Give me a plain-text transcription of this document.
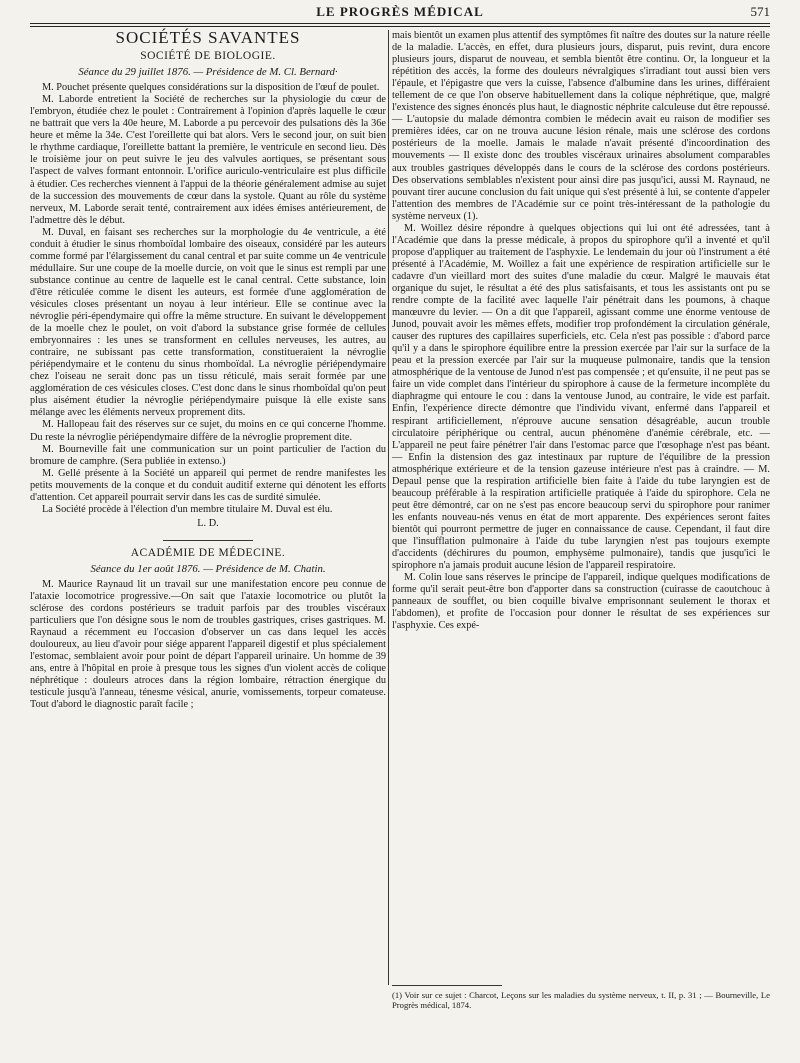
LE PROGRÈS MÉDICAL	571

SOCIÉTÉS SAVANTES

SOCIÉTÉ DE BIOLOGIE.

Séance du 29 juillet 1876. — Présidence de M. Cl. Bernard·

M. Pouchet présente quelques considérations sur la disposition de l'œuf de poulet.

M. Laborde entretient la Société de recherches sur la physiologie du cœur de l'embryon, étudiée chez le poulet : Contrairement à l'opinion d'après laquelle le cœur ne battrait que vers la 40e heure, M. Laborde a pu percevoir des pulsations dès la 36e heure et même la 34e. C'est l'oreillette qui bat alors. Vers le second jour, on suit bien le rhythme cardiaque, l'oreillette battant la première, le ventricule en second lieu. Dès le troisième jour on peut suivre le jeu des valvules aortiques, se présentant sous l'aspect de valves formant entonnoir. L'orifice auriculo-ventriculaire est plus difficile à étudier. Ces recherches viennent à l'appui de la théorie généralement admise au sujet de la succession des mouvements de cœur dans la systole. Quant au rôle du système nerveux, M. Laborde serait tenté, contrairement aux idées émises antérieurement, de l'admettre dès le début.

M. Duval, en faisant ses recherches sur la morphologie du 4e ventricule, a été conduit à étudier le sinus rhomboïdal lombaire des oiseaux, considéré par les auteurs comme formé par l'élargissement du canal central et par suite comme un 4e ventricule médullaire. Sur une coupe de la moelle durcie, on voit que le sinus est rempli par une substance continue au centre de laquelle est le canal central. Cette substance, loin d'être réticulée comme le disent les auteurs, est formée d'une agglomération de vésicules closes présentant un noyau à leur intérieur. Elle se continue avec la névroglie péri-épendymaire qui offre la même structure. En suivant le développement de la moelle chez le poulet, on voit d'abord la substance grise formée de cellules embryonnaires : les unes se transforment en cellules nerveuses, les autres, au contraire, ne subissant pas cette transformation, constitueraient la névroglie périépendymaire et le contenu du sinus rhomboïdal. La névroglie périépendymaire chez l'oiseau ne serait donc pas un tissu réticulé, mais serait formée par une agglomération de ces vésicules closes. C'est donc dans le sinus rhomboïdal qu'on peut plus aisément étudier la névroglie périépendymaire puisque là elle existe sans mélange avec les éléments nerveux proprement dits.

M. Hallopeau fait des réserves sur ce sujet, du moins en ce qui concerne l'homme. Du reste la névroglie périépendymaire diffère de la névroglie proprement dite.

M. Bourneville fait une communication sur un point particulier de l'action du bromure de camphre. (Sera publiée in extenso.)

M. Gellé présente à la Société un appareil qui permet de rendre manifestes les petits mouvements de la conque et du conduit auditif externe qui dénotent les efforts d'attention. Cet appareil pourrait servir dans les cas de surdité simulée.

La Société procède à l'élection d'un membre titulaire M. Duval est élu.

L. D.

ACADÉMIE DE MÉDECINE.

Séance du 1er août 1876. — Présidence de M. Chatin.

M. Maurice Raynaud lit un travail sur une manifestation encore peu connue de l'ataxie locomotrice progressive.—On sait que l'ataxie locomotrice ou plutôt la sclérose des cordons postérieurs se traduit parfois par des troubles viscéraux particuliers que l'on désigne sous le nom de troubles gastriques, crises gastriques. M. Raynaud a récemment eu l'occasion d'observer un cas dans lequel les accès douloureux, au lieu d'avoir pour siége apparent l'appareil digestif et plus spécialement l'estomac, semblaient avoir pour point de départ l'appareil urinaire. Un homme de 39 ans, entre à l'hôpital en proie à presque tous les signes d'un violent accès de colique néphrétique : douleurs atroces dans la région lombaire, rétraction énergique du testicule jusqu'à l'anneau, ténesme vésical, anurie, vomissements, torpeur comateuse. Tout d'abord le diagnostic paraît facile ;

mais bientôt un examen plus attentif des symptômes fit naître des doutes sur la nature réelle de la maladie. L'accès, en effet, dura plusieurs jours, disparut, puis revint, dura encore plusieurs jours, disparut de nouveau, et sembla bientôt être continu. Or, la longueur et la répétition des accès, la forme des douleurs névralgiques s'irradiant tout aussi bien vers l'épaule, et l'épigastre que vers la cuisse, l'absence d'albumine dans les urines, différaient tellement de ce que l'on observe habituellement dans la colique néphrétique, que, malgré l'existence des signes énoncés plus haut, le diagnostic néphrite calculeuse dut être repoussé. — L'autopsie du malade démontra combien le médecin avait eu raison de modifier ses premières idées, car on ne trouva aucune lésion rénale, mais une sclérose des cordons postérieurs de la moelle. Jamais le malade n'avait présenté d'incoordination des mouvements — Il existe donc des troubles viscéraux urinaires absolument comparables aux troubles gastriques développés dans le cours de la sclérose des cordons postérieurs. Des observations semblables n'existent pour ainsi dire pas jusqu'ici, aussi M. Raynaud, ne pouvant tirer aucune conclusion du fait unique qui s'est présenté à lui, se contente d'appeler l'attention des membres de l'Académie sur ce point très-intéressant de la pathologie du système nerveux (1).

M. Woillez désire répondre à quelques objections qui lui ont été adressées, tant à l'Académie que dans la presse médicale, à propos du spirophore qu'il a inventé et qu'il propose d'appliquer au traitement de l'asphyxie. Le lendemain du jour où l'instrument a été présenté à l'Académie, M. Woillez a fait une expérience de respiration artificielle sur le cadavre d'un vieillard mort des suites d'une maladie du cœur. Malgré le mauvais état organique du sujet, le résultat a été des plus satisfaisants, et tous les assistants ont pu se rendre compte de la facilité avec laquelle l'air pénétrait dans les poumons, à chaque manœuvre du levier. — On a dit que l'appareil, agissant comme une énorme ventouse de Junod, pouvait avoir les mêmes effets, modifier trop profondément la circulation générale, causer des ruptures des capillaires superficiels, etc. Cela n'est pas possible : d'abord parce qu'il y a dans le spirophore équilibre entre la pression exercée par l'air sur la surface de la peau et la pression exercée par l'air sur la muqueuse pulmonaire, tandis que la tension atmosphérique de la ventouse de Junod n'est pas compensée ; et qu'ensuite, il ne peut pas se faire un vide complet dans l'intérieur du spirophore à cause de la fermeture incomplète du diaphragme qui entoure le cou : dans la ventouse Junod, au contraire, le vide est parfait. Enfin, l'expérience directe démontre que l'individu vivant, enfermé dans l'appareil et respirant artificiellement, n'éprouve aucune sensation désagréable, aucun trouble circulatoire périphérique ou central, aucun phénomène d'anémie cérébrale, etc. — L'appareil ne peut faire pénétrer l'air dans l'estomac parce que l'œsophage n'est pas béant. — Enfin la distension des gaz intestinaux par rupture de l'équilibre de la pression atmosphérique extérieure et de la tension gazeuse intérieure n'est pas à craindre. — M. Depaul pense que la respiration artificielle bien faite à l'aide du tube laryngien est de beaucoup préférable à la respiration artificielle pratiquée à l'aide du spirophore. Cela ne peut être démontré, car on ne s'est pas encore beaucoup servi du spirophore pour ranimer les enfants nouveau-nés venus en état de mort apparente. Des expériences seront faites bientôt qui pourront permettre de juger en connaissance de cause. Cependant, il faut dire que l'insufflation pulmonaire à l'aide du tube laryngien n'est pas toujours exempte d'accidents (déchirures du poumon, emphysème pulmonaire), tandis que jusqu'ici le spirophore n'a jamais produit aucune lésion de l'appareil respiratoire.

M. Colin loue sans réserves le principe de l'appareil, indique quelques modifications de forme qu'il serait peut-être bon d'apporter dans sa construction (cuirasse de caoutchouc à panneaux de soufflet, ou bien coquille bivalve emprisonnant seulement le thorax et l'abdomen), et profite de l'occasion pour donner le résultat de ses expériences sur l'asphyxie. Ces expé-

(1) Voir sur ce sujet : Charcot, Leçons sur les maladies du système nerveux, t. II, p. 31 ; — Bourneville, Le Progrès médical, 1874.
